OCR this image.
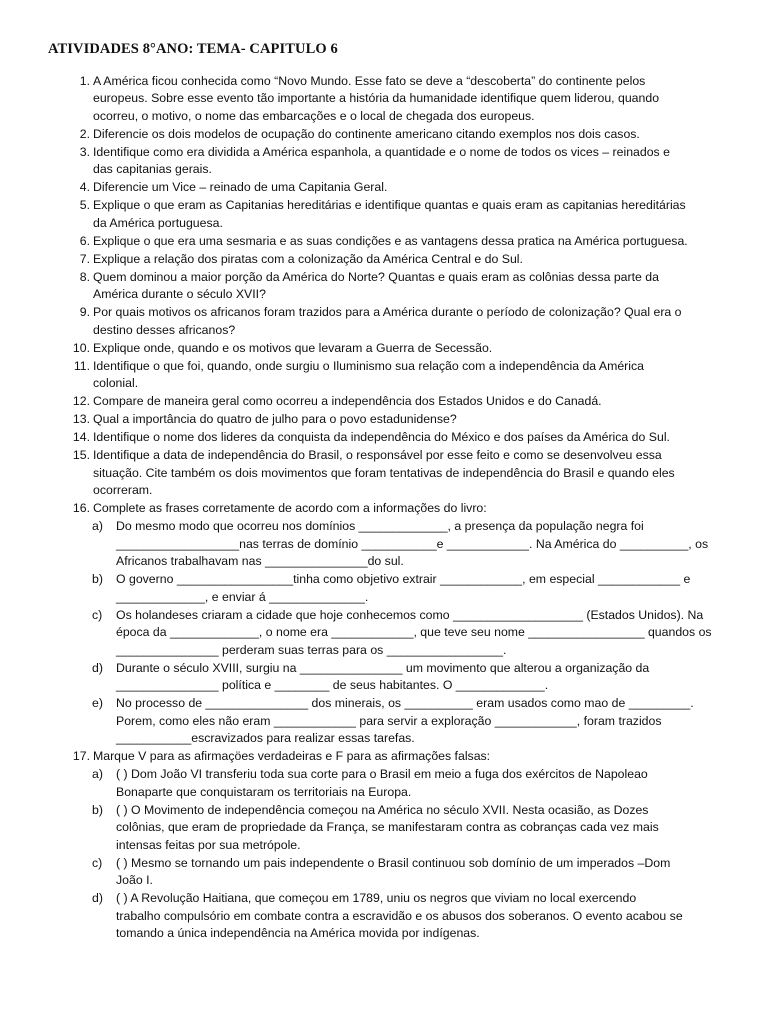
ATIVIDADES 8°ANO: TEMA- CAPITULO 6
1. A América ficou conhecida como “Novo Mundo. Esse fato se deve a “descoberta” do continente pelos
europeus. Sobre esse evento tão importante a história da humanidade identifique quem liderou, quando
ocorreu, o motivo, o nome das embarcações e o local de chegada dos europeus.
2. Diferencie os dois modelos de ocupação do continente americano citando exemplos nos dois casos.
3. Identifique como era dividida a América espanhola, a quantidade e o nome de todos os vices – reinados e
das capitanias gerais.
4. Diferencie um Vice – reinado de uma Capitania Geral.
5. Explique o que eram as Capitanias hereditárias e identifique quantas e quais eram as capitanias hereditárias
da América portuguesa.
6. Explique o que era uma sesmaria e as suas condições e as vantagens dessa pratica na América portuguesa.
7. Explique a relação dos piratas com a colonização da América Central e do Sul.
8. Quem dominou a maior porção da América do Norte? Quantas e quais eram as colônias dessa parte da
América durante o século XVII?
9. Por quais motivos os africanos foram trazidos para a América durante o período de colonização? Qual era o
destino desses africanos?
10. Explique onde, quando e os motivos que levaram a Guerra de Secessão.
11. Identifique o que foi, quando, onde surgiu o Iluminismo sua relação com a independência da América
colonial.
12. Compare de maneira geral como ocorreu a independência dos Estados Unidos e do Canadá.
13. Qual a importância do quatro de julho para o povo estadunidense?
14. Identifique o nome dos lideres da conquista da independência do México e dos países da América do Sul.
15. Identifique a data de independência do Brasil, o responsável por esse feito e como se desenvolveu essa
situação. Cite também os dois movimentos que foram tentativas de independência do Brasil e quando eles
ocorreram.
16. Complete as frases corretamente de acordo com a informações do livro:
a) Do mesmo modo que ocorreu nos domínios _____________, a presença da população negra foi
__________________nas terras de domínio ___________e ____________. Na América do __________, os
Africanos trabalhavam nas _______________do sul.
b) O governo _________________tinha como objetivo extrair ____________, em especial ____________ e
_____________, e enviar á ______________.
c)	Os holandeses criaram a cidade que hoje conhecemos como ___________________ (Estados Unidos). Na
época da _____________, o nome era ____________, que teve seu nome _________________ quandos os
_______________ perderam suas terras para os _________________.
d) Durante o século XVIII, surgiu na _______________ um movimento que alterou a organização da
_______________ política e ________ de seus habitantes. O _____________.
e) No processo de _______________ dos minerais, os __________ eram usados como mao de _________.
Porem, como eles não eram ____________ para servir a exploração ____________, foram trazidos
___________escravizados para realizar essas tarefas.
17. Marque V para as afirmaçöes verdadeiras e F para as afirmações falsas:
a) ( ) Dom João VI transferiu toda sua corte para o Brasil em meio a fuga dos exércitos de Napoleao
Bonaparte que conquistaram os territoriais na Europa.
b) ( ) O Movimento de independência começou na América no século XVII. Nesta ocasião, as Dozes
colônias, que eram de propriedade da França, se manifestaram contra as cobranças cada vez mais
intensas feitas por sua metrópole.
c)	( ) Mesmo se tornando um pais independente o Brasil continuou sob domínio de um imperados –Dom
João I.
d) ( ) A Revolução Haitiana, que começou em 1789, uniu os negros que viviam no local exercendo
trabalho compulsório em combate contra a escravidão e os abusos dos soberanos. O evento acabou se
tomando a única independência na América movida por indígenas.
